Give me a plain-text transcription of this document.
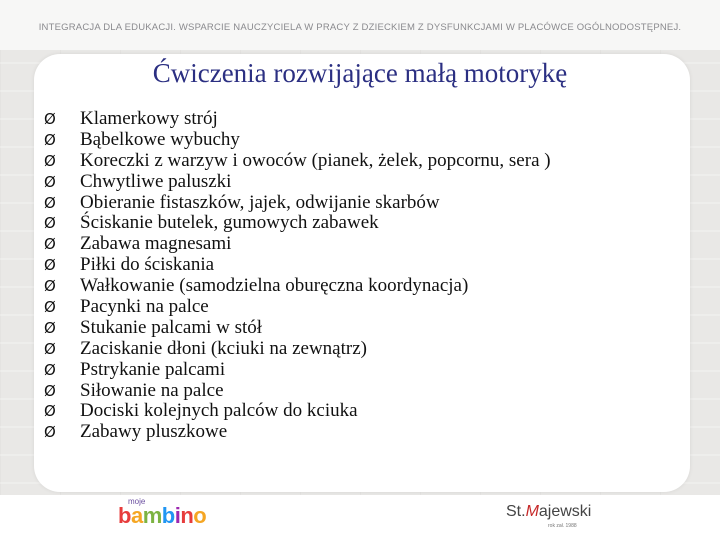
INTEGRACJA DLA EDUKACJI. WSPARCIE NAUCZYCIELA W PRACY Z DZIECKIEM Z DYSFUNKCJAMI W PLACÓWCE OGÓLNODOSTĘPNEJ.
Ćwiczenia rozwijające małą motorykę
Ø	Klamerkowy strój
Ø	Bąbelkowe wybuchy
Ø	Koreczki z warzyw i owoców (pianek, żelek, popcornu, sera )
Ø	Chwytliwe paluszki
Ø	Obieranie fistaszków, jajek, odwijanie skarbów
Ø	Ściskanie butelek, gumowych zabawek
Ø	Zabawa magnesami
Ø	Piłki do ściskania
Ø	Wałkowanie (samodzielna oburęczna koordynacja)
Ø	Pacynki na palce
Ø	Stukanie palcami w stół
Ø	Zaciskanie dłoni (kciuki na zewnątrz)
Ø	Pstrykanie palcami
Ø	Siłowanie na palce
Ø	Dociski kolejnych palców do kciuka
Ø	Zabawy pluszkowe
moje
bambino	St.Majewski
rok zał. 1988
